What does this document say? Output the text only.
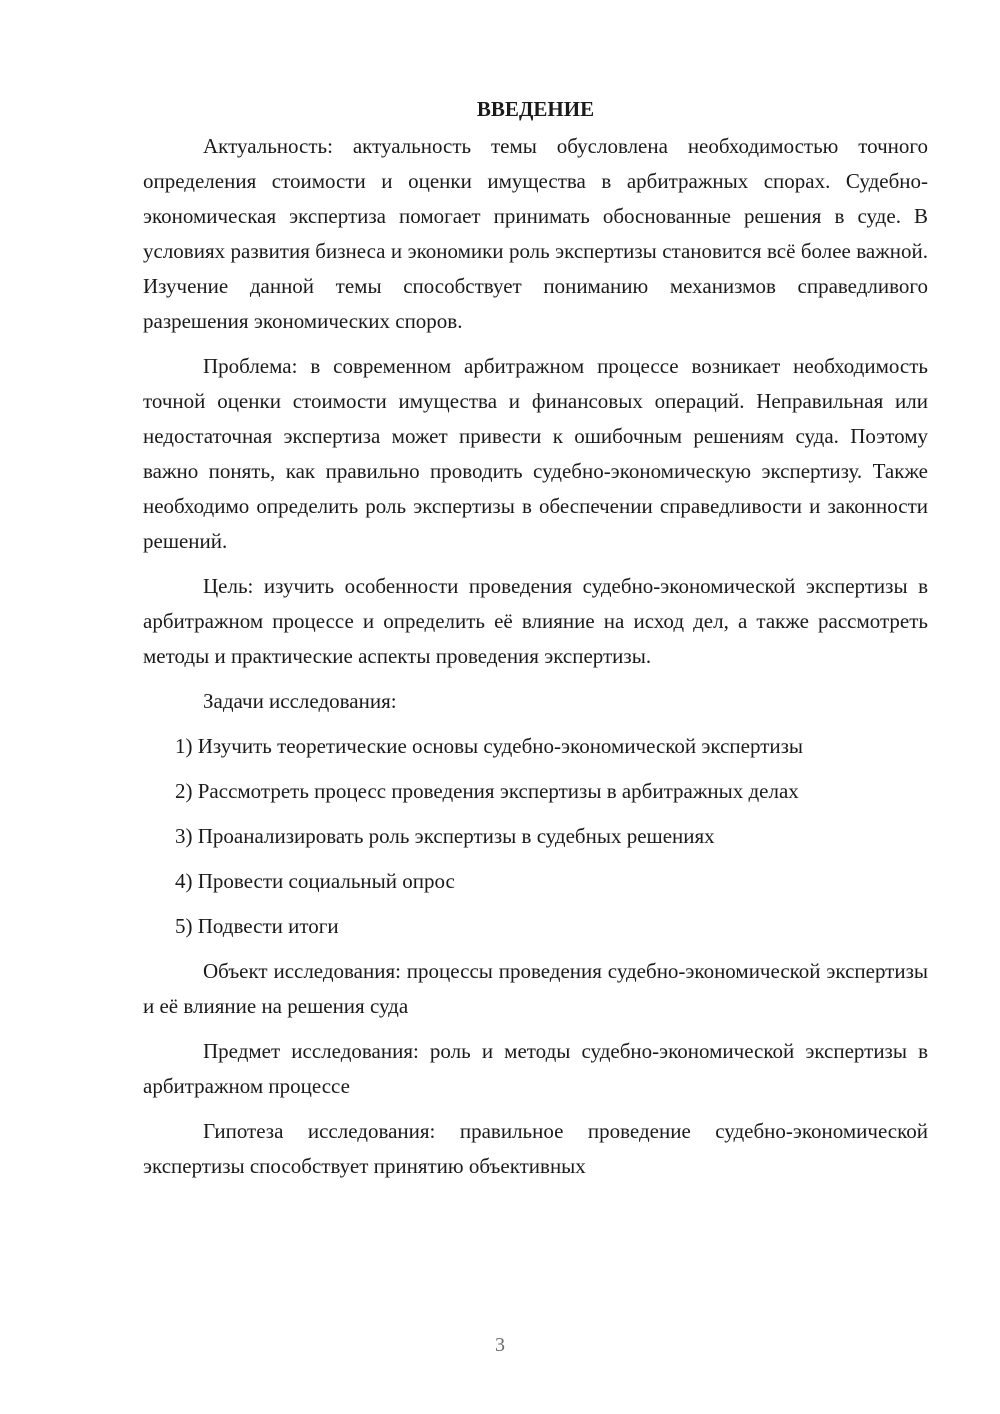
ВВЕДЕНИЕ

Актуальность: актуальность темы обусловлена необходимостью точного определения стоимости и оценки имущества в арбитражных спорах. Судебно-экономическая экспертиза помогает принимать обоснованные решения в суде. В условиях развития бизнеса и экономики роль экспертизы становится всё более важной. Изучение данной темы способствует пониманию механизмов справедливого разрешения экономических споров.

Проблема: в современном арбитражном процессе возникает необходимость точной оценки стоимости имущества и финансовых операций. Неправильная или недостаточная экспертиза может привести к ошибочным решениям суда. Поэтому важно понять, как правильно проводить судебно-экономическую экспертизу. Также необходимо определить роль экспертизы в обеспечении справедливости и законности решений.

Цель: изучить особенности проведения судебно-экономической экспертизы в арбитражном процессе и определить её влияние на исход дел, а также рассмотреть методы и практические аспекты проведения экспертизы.

Задачи исследования:
1) Изучить теоретические основы судебно-экономической экспертизы
2) Рассмотреть процесс проведения экспертизы в арбитражных делах
3) Проанализировать роль экспертизы в судебных решениях
4) Провести социальный опрос
5) Подвести итоги

Объект исследования: процессы проведения судебно-экономической экспертизы и её влияние на решения суда

Предмет исследования: роль и методы судебно-экономической экспертизы в арбитражном процессе

Гипотеза исследования: правильное проведение судебно-экономической экспертизы способствует принятию объективных

3
